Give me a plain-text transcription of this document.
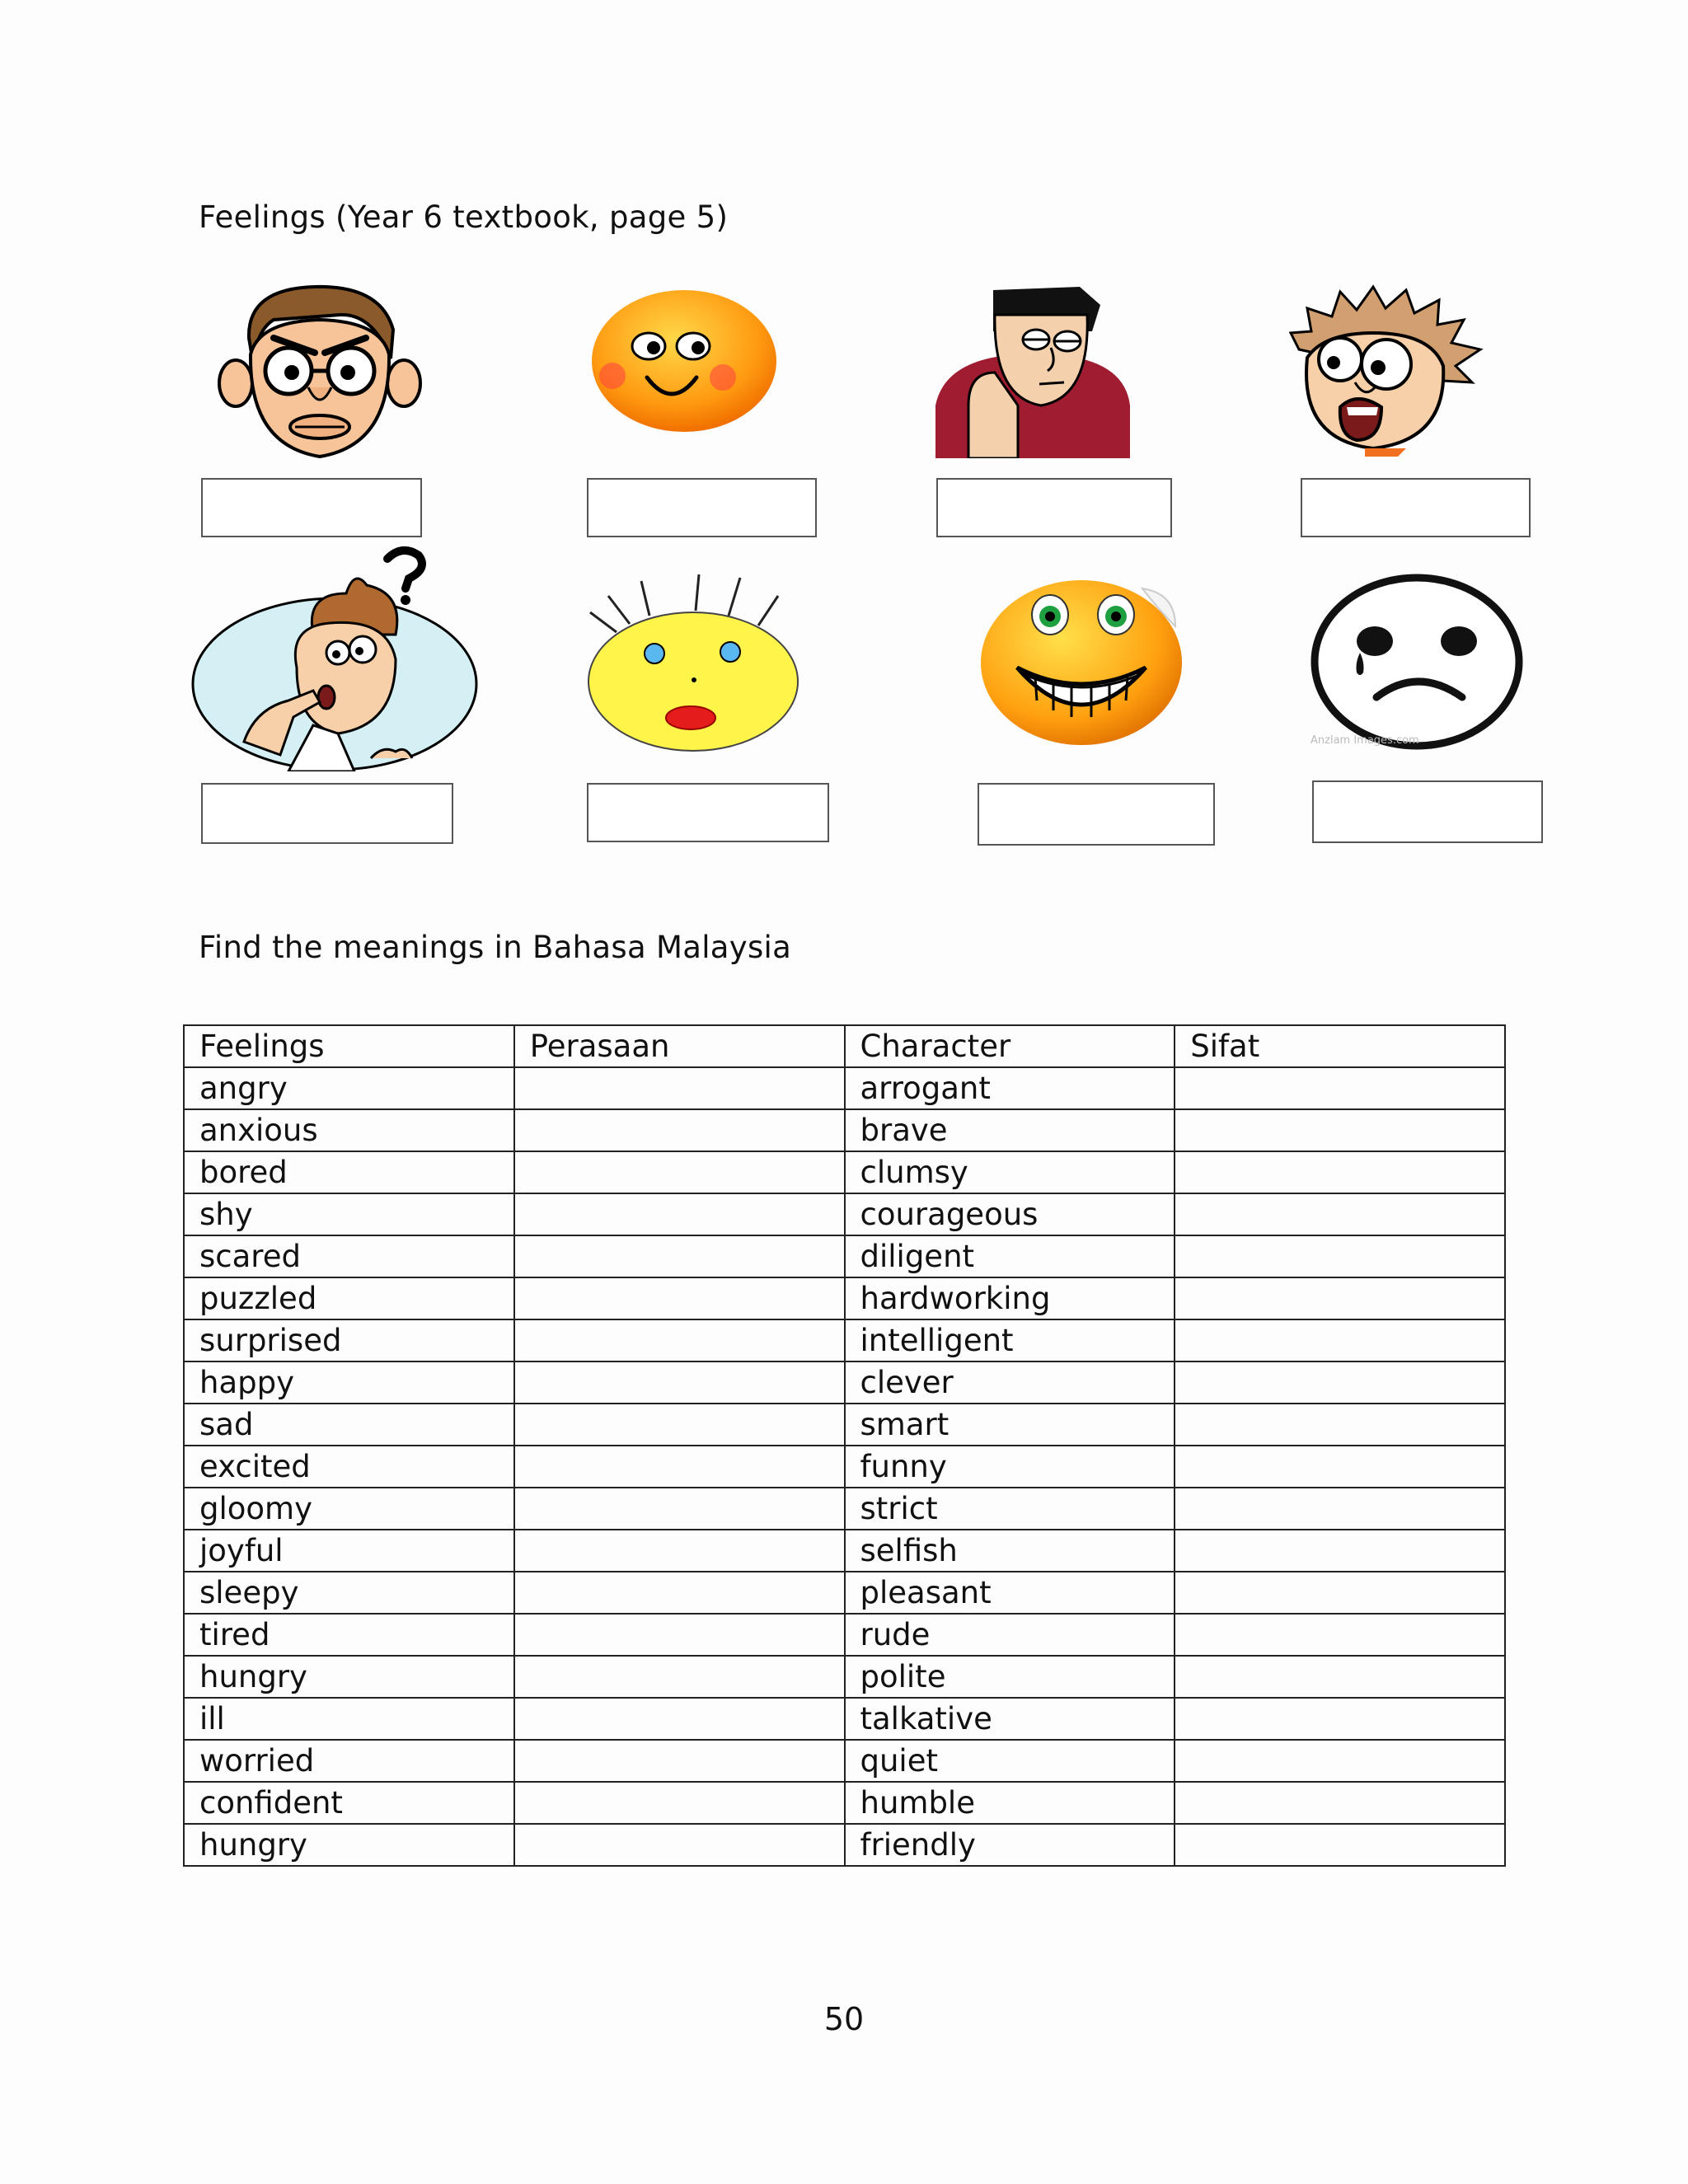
Feelings (Year 6 textbook, page 5)
Anzlam Images.com
Find the meanings in Bahasa Malaysia
Feelings	Perasaan	Character	Sifat
angry		arrogant	
anxious		brave	
bored		clumsy	
shy		courageous	
scared		diligent	
puzzled		hardworking	
surprised		intelligent	
happy		clever	
sad		smart	
excited		funny	
gloomy		strict	
joyful		selfish	
sleepy		pleasant	
tired		rude	
hungry		polite	
ill		talkative	
worried		quiet	
confident		humble	
hungry		friendly	
50
